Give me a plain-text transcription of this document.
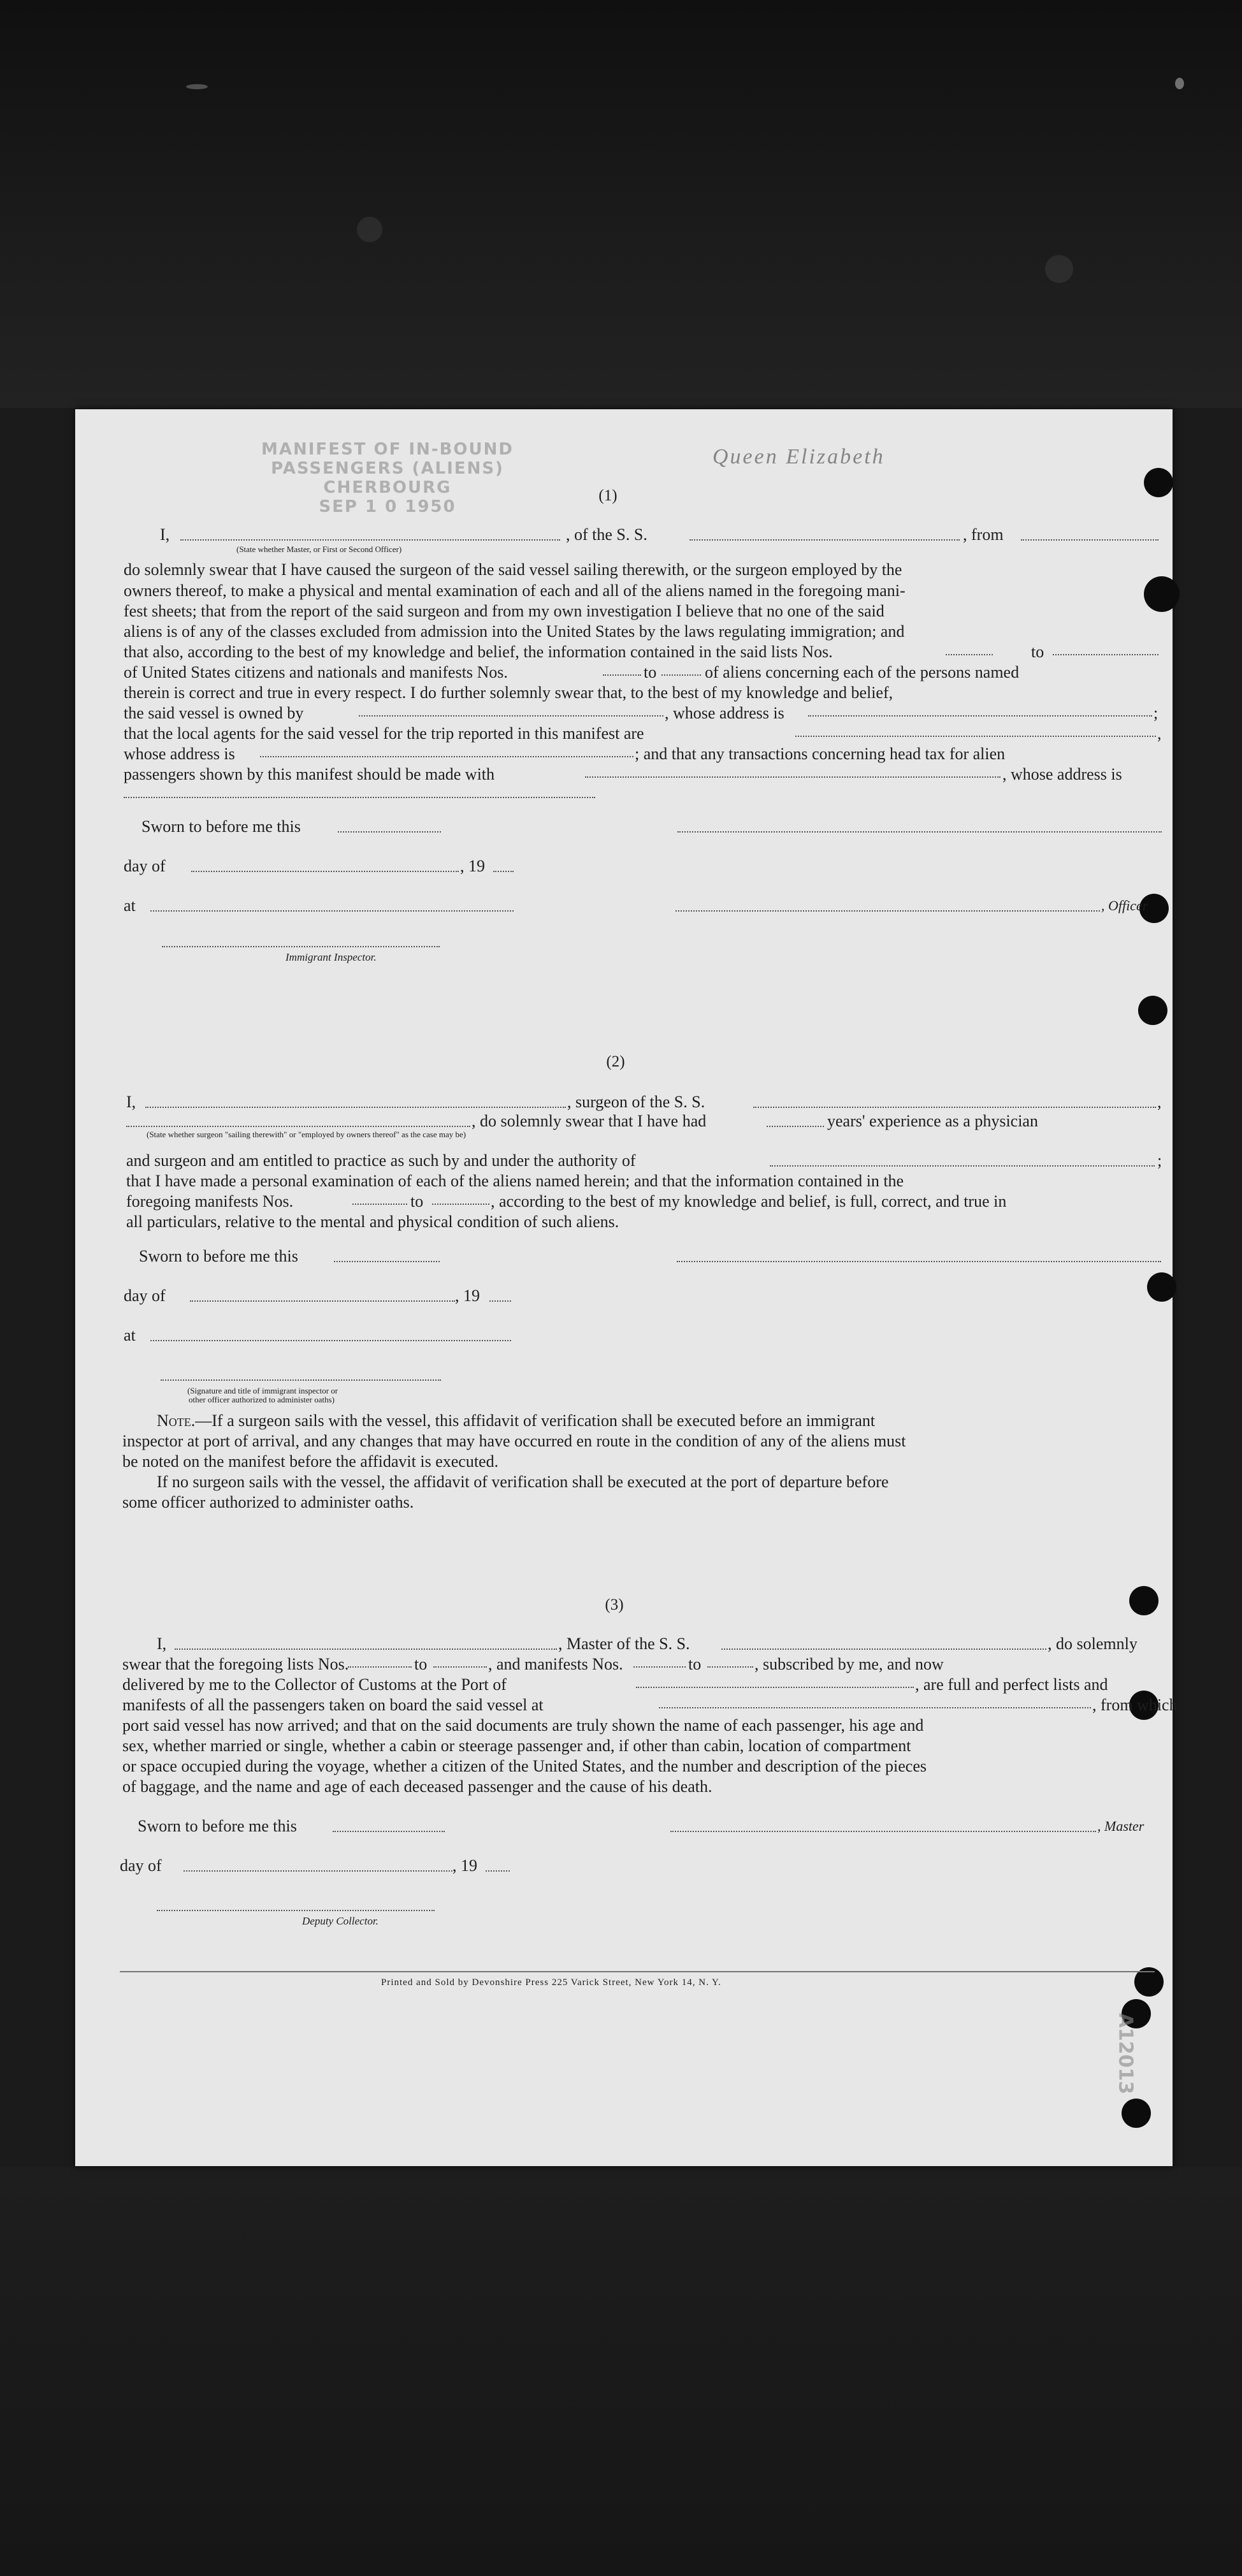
MANIFEST OF IN-BOUND PASSENGERS (ALIENS)
CHERBOURG
SEP 1 0 1950
Queen Elizabeth
(1)
I,	, of the S. S.	, from
(State whether Master, or First or Second Officer)
do solemnly swear that I have caused the surgeon of the said vessel sailing therewith, or the surgeon employed by the
owners thereof, to make a physical and mental examination of each and all of the aliens named in the foregoing mani-
fest sheets; that from the report of the said surgeon and from my own investigation I believe that no one of the said
aliens is of any of the classes excluded from admission into the United States by the laws regulating immigration; and
that also, according to the best of my knowledge and belief, the information contained in the said lists Nos.	to
of United States citizens and nationals and manifests Nos.	to	of aliens concerning each of the persons named
therein is correct and true in every respect. I do further solemnly swear that, to the best of my knowledge and belief,
the said vessel is owned by	, whose address is	;
that the local agents for the said vessel for the trip reported in this manifest are	,
whose address is	; and that any transactions concerning head tax for alien
passengers shown by this manifest should be made with	, whose address is
Sworn to before me this
day of	, 19
at	, Officer
Immigrant Inspector.
(2)
I,	, surgeon of the S. S.	,
, do solemnly swear that I have had	years' experience as a physician
(State whether surgeon "sailing therewith" or "employed by owners thereof" as the case may be)
and surgeon and am entitled to practice as such by and under the authority of	;
that I have made a personal examination of each of the aliens named herein; and that the information contained in the
foregoing manifests Nos.	to	, according to the best of my knowledge and belief, is full, correct, and true in
all particulars, relative to the mental and physical condition of such aliens.
Sworn to before me this
day of	, 19
at
(Signature and title of immigrant inspector or
other officer authorized to administer oaths)
Note.—If a surgeon sails with the vessel, this affidavit of verification shall be executed before an immigrant
inspector at port of arrival, and any changes that may have occurred en route in the condition of any of the aliens must
be noted on the manifest before the affidavit is executed.
If no surgeon sails with the vessel, the affidavit of verification shall be executed at the port of departure before
some officer authorized to administer oaths.
(3)
I,	, Master of the S. S.	, do solemnly
swear that the foregoing lists Nos.	to	, and manifests Nos.	to	, subscribed by me, and now
delivered by me to the Collector of Customs at the Port of	, are full and perfect lists and
manifests of all the passengers taken on board the said vessel at	, from which
port said vessel has now arrived; and that on the said documents are truly shown the name of each passenger, his age and
sex, whether married or single, whether a cabin or steerage passenger and, if other than cabin, location of compartment
or space occupied during the voyage, whether a citizen of the United States, and the number and description of the pieces
of baggage, and the name and age of each deceased passenger and the cause of his death.
Sworn to before me this	, Master
day of	, 19
Deputy Collector.
Printed and Sold by Devonshire Press 225 Varick Street, New York 14, N. Y.
A12013
